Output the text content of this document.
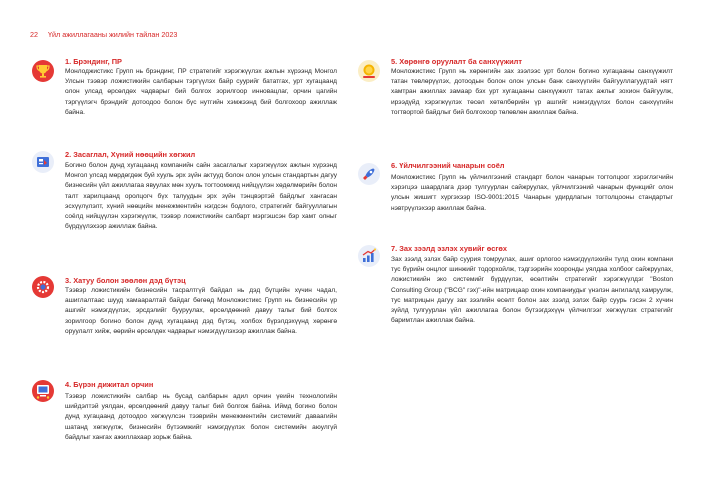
22 Үйл ажиллагааны жилийн тайлан 2023
1. Брэндинг, ПР
Монлоджистикс Групп нь брэндинг, ПР стратегийг хэрэгжүүлэх ажлын хүрээнд Монгол Улсын тээвэр ложистикийн салбарын тэргүүлэх байр суурийг бататгах, урт хугацаанд олон улсад өрсөлдөх чадварыг бий болгох зорилгоор инновацлаг, орчин цагийн тэргүүлэгч брэндийг дотоодоо болон бүс нутгийн хэмжээнд бий болгохоор ажиллаж байна.
2. Засаглал, Хүний нөөцийн хөгжил
Богино болон дунд хугацаанд компанийн сайн засаглалыг хэрэгжүүлэх ажлын хүрээнд Монгол улсад мөрдөгдөж буй хууль эрх зүйн актууд болон олон улсын стандартын дагуу бизнесийн үйл ажиллагаа явуулах мөн хууль тогтоомжид нийцүүлэн хөдөлмөрийн болон талт харилцаанд оролцогч бүх талуудын эрх зүйн тэнцвэртэй байдлыг хангасан эсхүүлүлэлт, хүний нөөцийн менежментийн нэгдсэн бодлого, стратегийг байгууллагын соёлд нийцүүлэн хэрэгжүүлж, тээвэр ложистикийн салбарт мэргэшсэн бэр хамт олныг бүрдүүлэхээр ажиллаж байна.
3. Хатуу болон зөөлөн дэд бүтэц
Тээвэр ложистикийн бизнесийн тасралтгүй байдал нь дэд бүтцийн хүчин чадал, ашиглалтаас шууд хамааралтай байдаг бөгөөд Монложистикс Групп нь бизнесийн үр ашгийг нэмэгдүүлэх, эрсдэлийг бууруулах, өрсөлдөөний давуу талыг бий болгох зорилгоор богино болон дунд хугацаанд дэд бүтэц, холбох бүрэлдэхүүнд хөрөнгө оруулалт хийж, өөрийн өрсөлдөх чадварыг нэмэгдүүлэхээр ажиллаж байна.
4. Бүрэн дижитал орчин
Тээвэр ложистикийн салбар нь бусад салбарын адил орчин үеийн технологийн шийдэлтэй уялдан, өрсөлдөөний давуу талыг бий болгож байна. Иймд богино болон дунд хугацаанд дотоодоо хөгжүүлсэн тээврийн менежментийн системийг даваагийн шатанд хөгжүүлж, бизнесийн бүтээмжийг нэмэгдүүлэх болон системийн аюулгүй байдлыг хангах ажиллахаар зорьж байна.
5. Хөрөнгө оруулалт ба санхүүжилт
Монложистикс Групп нь хөрөнгийн зах зээлээс урт болон богино хугацааны санхүүжилт татан төвлөрүүлэх, дотоодын болон олон улсын банк санхүүгийн байгууллагуудтай нягт хамтран ажиллах замаар бэх урт хугацааны санхүүжилт татах ажлыг зохион байгуулж, ирээдүйд хэрэгжүүлэх төсөл хөтөлбөрийн үр ашгийг нэмэгдүүлэх болон санхүүгийн тогтвортой байдлыг бий болгохоор төлөвлөн ажиллаж байна.
6. Үйлчилгээний чанарын соёл
Монложистикс Групп нь үйлчилгээний стандарт болон чанарын тогтолцоог хэрэглэгчийн хэрэгцээ шаардлага дээр тулгуурлан сайжруулах, үйлчилгээний чанарын функцийг олон улсын жишигт хүргэхээр ISO-9001:2015 Чанарын удирдлагын тогтолцооны стандартыг нэвтрүүлэхээр ажиллаж байна.
7. Зах зээлд эзлэх хувийг өсгөх
Зах зээлд эзлэх байр суурия томруулах, ашиг орлогоо нэмэгдүүлэхийн тулд охин компани тус бүрийн онцлог шинжийг тодорхойлж, тэдгээрийн хооронды уялдаа холбоог сайжруулах, ложистикийн эко системийг бүрдүүлэх, өсөлтийн стратегийг хэрэгжүүлдэг "Boston Consulting Group ("BCG" гэх)"-ийн матрицаар охин компаниудыг үнэлэн ангилалд хамруулж, тус матрицын дагуу зах зээлийн өсөлт болон зах зээлд эзлэх байр суурь гэсэн 2 хүчин зүйлд тулгуурлан үйл ажиллагаа болон бүтээгдэхүүн үйлчилгээг хөгжүүлэх стратегийг баримтлан ажиллаж байна.
